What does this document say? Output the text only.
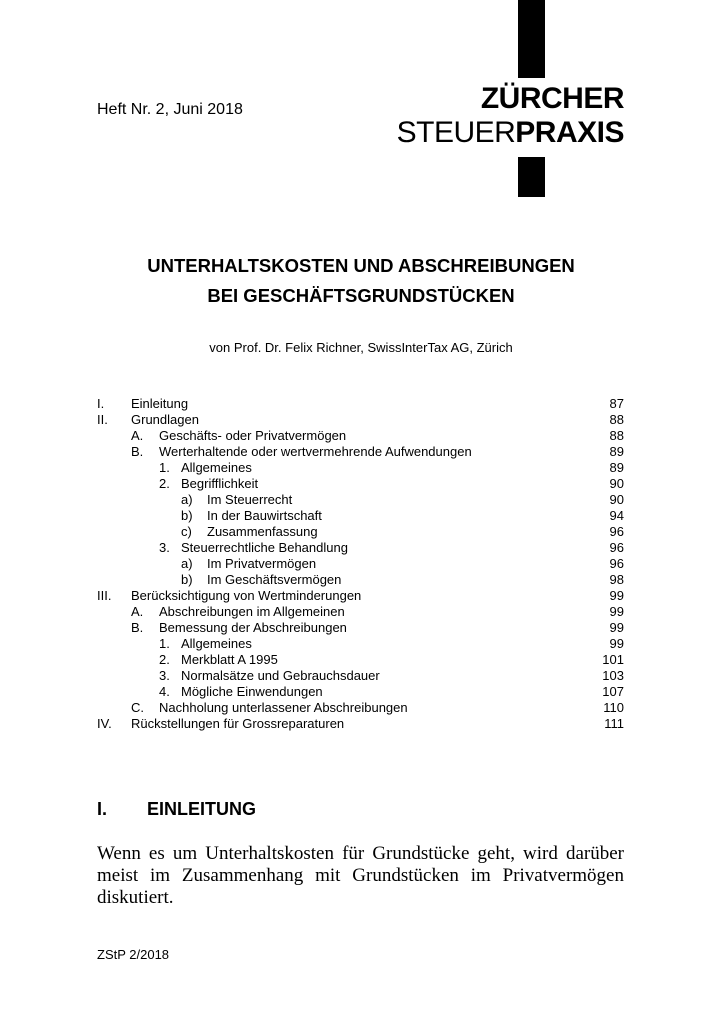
Heft Nr. 2, Juni 2018	ZÜRCHER
STEUERPRAXIS
UNTERHALTSKOSTEN UND ABSCHREIBUNGEN
BEI GESCHÄFTSGRUNDSTÜCKEN
von Prof. Dr. Felix Richner, SwissInterTax AG, Zürich
I. Einleitung	87
II. Grundlagen	88
A. Geschäfts- oder Privatvermögen	88
B. Werterhaltende oder wertvermehrende Aufwendungen	89
1. Allgemeines	89
2. Begrifflichkeit	90
a) Im Steuerrecht	90
b) In der Bauwirtschaft	94
c) Zusammenfassung	96
3. Steuerrechtliche Behandlung	96
a) Im Privatvermögen	96
b) Im Geschäftsvermögen	98
III. Berücksichtigung von Wertminderungen	99
A. Abschreibungen im Allgemeinen	99
B. Bemessung der Abschreibungen	99
1. Allgemeines	99
2. Merkblatt A 1995	101
3. Normalsätze und Gebrauchsdauer	103
4. Mögliche Einwendungen	107
C. Nachholung unterlassener Abschreibungen	110
IV. Rückstellungen für Grossreparaturen	111
I. EINLEITUNG
Wenn es um Unterhaltskosten für Grundstücke geht, wird darüber meist im Zusammenhang mit Grundstücken im Privatvermögen diskutiert.
ZStP 2/2018
